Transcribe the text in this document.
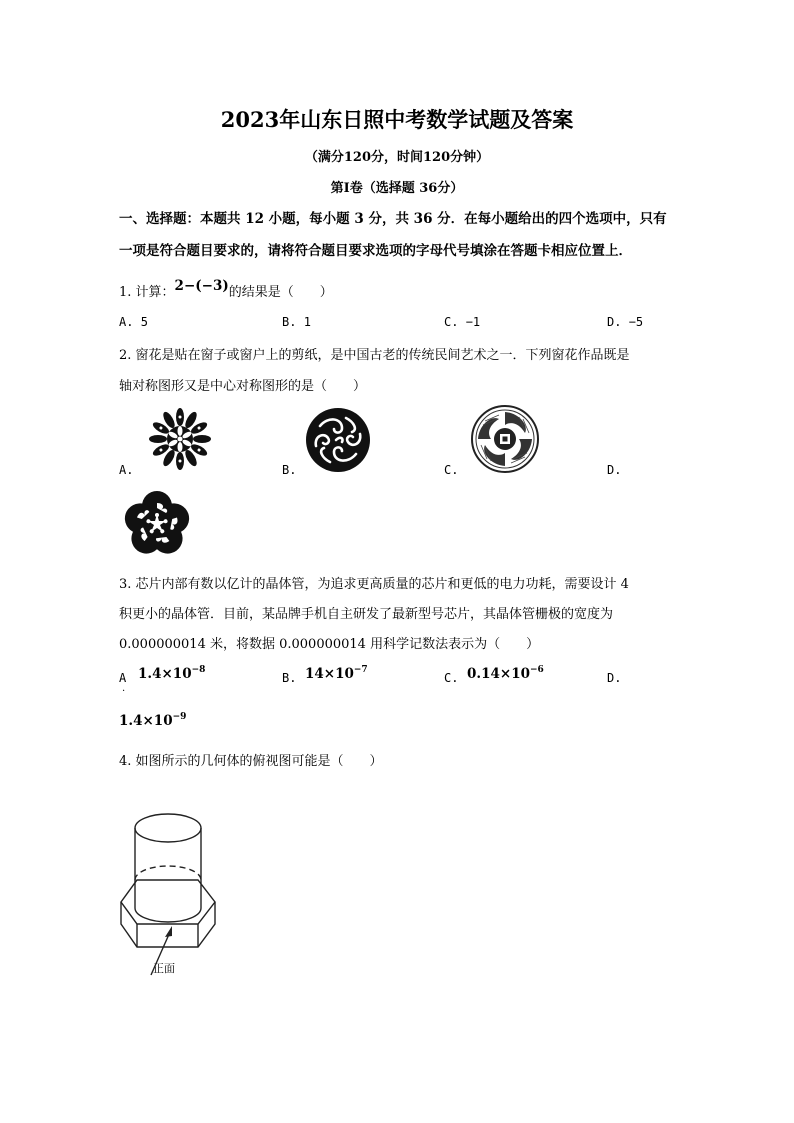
2023年山东日照中考数学试题及答案
（满分120分，时间120分钟）
第Ⅰ卷（选择题 36分）
一、选择题：本题共 12 小题，每小题 3 分，共 36 分．在每小题给出的四个选项中，只有
一项是符合题目要求的，请将符合题目要求选项的字母代号填涂在答题卡相应位置上．
1. 计算：2−(−3)的结果是（　　）
A. 5	B. 1	C. −1	D. −5
2. 窗花是贴在窗子或窗户上的剪纸，是中国古老的传统民间艺术之一．下列窗花作品既是
轴对称图形又是中心对称图形的是（　　）
A.	B.	C.	D.
3. 芯片内部有数以亿计的晶体管，为追求更高质量的芯片和更低的电力功耗，需要设计 4
积更小的晶体管．目前，某品牌手机自主研发了最新型号芯片，其晶体管栅极的宽度为
0.000000014 米，将数据 0.000000014 用科学记数法表示为（　　）
A
.
$1.4\times 10^{-8}$
B. $14\times 10^{-7}$
C. $0.14\times 10^{-6}$
D.
$1.4\times 10^{-9}$
4. 如图所示的几何体的俯视图可能是（　　）
正面
